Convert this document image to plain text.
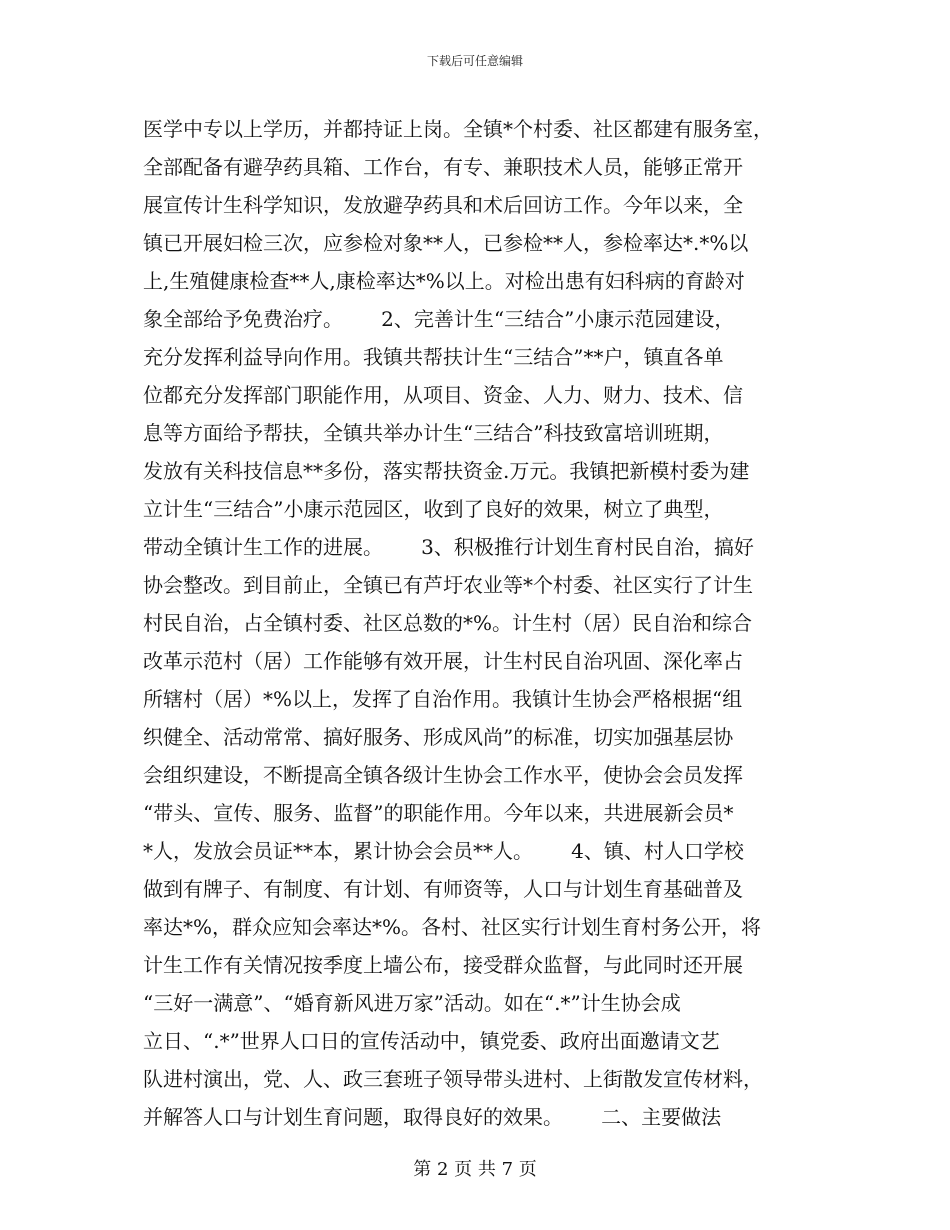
下载后可任意编辑
医学中专以上学历，并都持证上岗。全镇*个村委、社区都建有服务室，
全部配备有避孕药具箱、工作台，有专、兼职技术人员，能够正常开
展宣传计生科学知识，发放避孕药具和术后回访工作。今年以来，全
镇已开展妇检三次，应参检对象**人，已参检**人，参检率达*.*%以
上,生殖健康检查**人,康检率达*%以上。对检出患有妇科病的育龄对
象全部给予免费治疗。      2、完善计生“三结合”小康示范园建设，
充分发挥利益导向作用。我镇共帮扶计生“三结合”**户，镇直各单
位都充分发挥部门职能作用，从项目、资金、人力、财力、技术、信
息等方面给予帮扶，全镇共举办计生“三结合”科技致富培训班期，
发放有关科技信息**多份，落实帮扶资金.万元。我镇把新模村委为建
立计生“三结合”小康示范园区，收到了良好的效果，树立了典型，
带动全镇计生工作的进展。      3、积极推行计划生育村民自治，搞好
协会整改。到目前止，全镇已有芦圩农业等*个村委、社区实行了计生
村民自治，占全镇村委、社区总数的*%。计生村（居）民自治和综合
改革示范村（居）工作能够有效开展，计生村民自治巩固、深化率占
所辖村（居）*%以上，发挥了自治作用。我镇计生协会严格根据“组
织健全、活动常常、搞好服务、形成风尚”的标准，切实加强基层协
会组织建设，不断提高全镇各级计生协会工作水平，使协会会员发挥
“带头、宣传、服务、监督”的职能作用。今年以来，共进展新会员*
*人，发放会员证**本，累计协会会员**人。      4、镇、村人口学校
做到有牌子、有制度、有计划、有师资等，人口与计划生育基础普及
率达*%，群众应知会率达*%。各村、社区实行计划生育村务公开，将
计生工作有关情况按季度上墙公布，接受群众监督，与此同时还开展
“三好一满意”、“婚育新风进万家”活动。如在“.*”计生协会成
立日、“.*”世界人口日的宣传活动中，镇党委、政府出面邀请文艺
队进村演出，党、人、政三套班子领导带头进村、上街散发宣传材料，
并解答人口与计划生育问题，取得良好的效果。      二、主要做法
第 2 页 共 7 页
